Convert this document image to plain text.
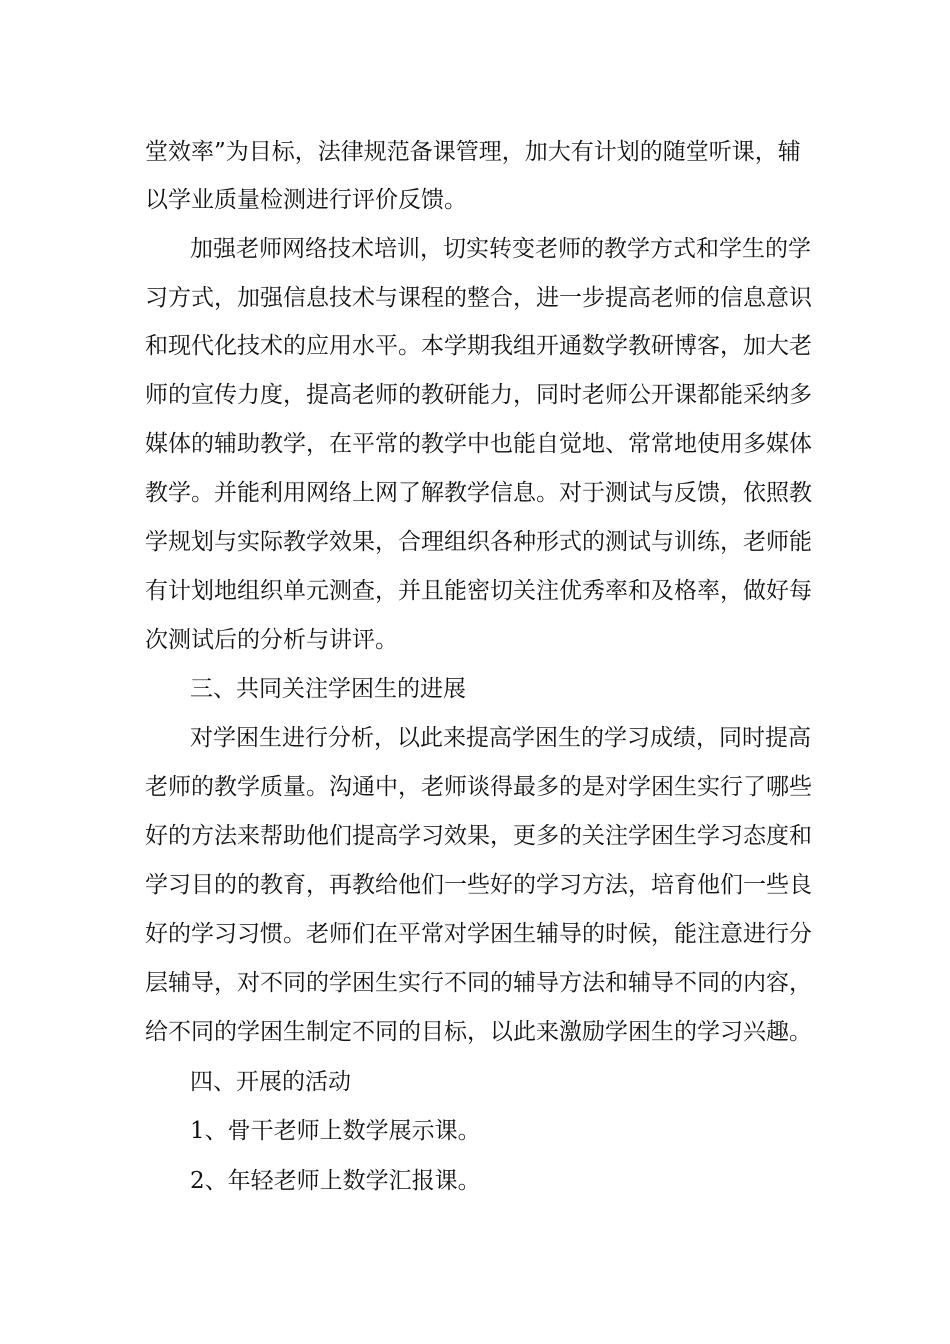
堂效率”为目标，法律规范备课管理，加大有计划的随堂听课，辅
以学业质量检测进行评价反馈。
加强老师网络技术培训，切实转变老师的教学方式和学生的学
习方式，加强信息技术与课程的整合，进一步提高老师的信息意识
和现代化技术的应用水平。本学期我组开通数学教研博客，加大老
师的宣传力度，提高老师的教研能力，同时老师公开课都能采纳多
媒体的辅助教学，在平常的教学中也能自觉地、常常地使用多媒体
教学。并能利用网络上网了解教学信息。对于测试与反馈，依照教
学规划与实际教学效果，合理组织各种形式的测试与训练，老师能
有计划地组织单元测查，并且能密切关注优秀率和及格率，做好每
次测试后的分析与讲评。
三、共同关注学困生的进展
对学困生进行分析，以此来提高学困生的学习成绩，同时提高
老师的教学质量。沟通中，老师谈得最多的是对学困生实行了哪些
好的方法来帮助他们提高学习效果，更多的关注学困生学习态度和
学习目的的教育，再教给他们一些好的学习方法，培育他们一些良
好的学习习惯。老师们在平常对学困生辅导的时候，能注意进行分
层辅导，对不同的学困生实行不同的辅导方法和辅导不同的内容，
给不同的学困生制定不同的目标，以此来激励学困生的学习兴趣。
四、开展的活动
1、骨干老师上数学展示课。
2、年轻老师上数学汇报课。
